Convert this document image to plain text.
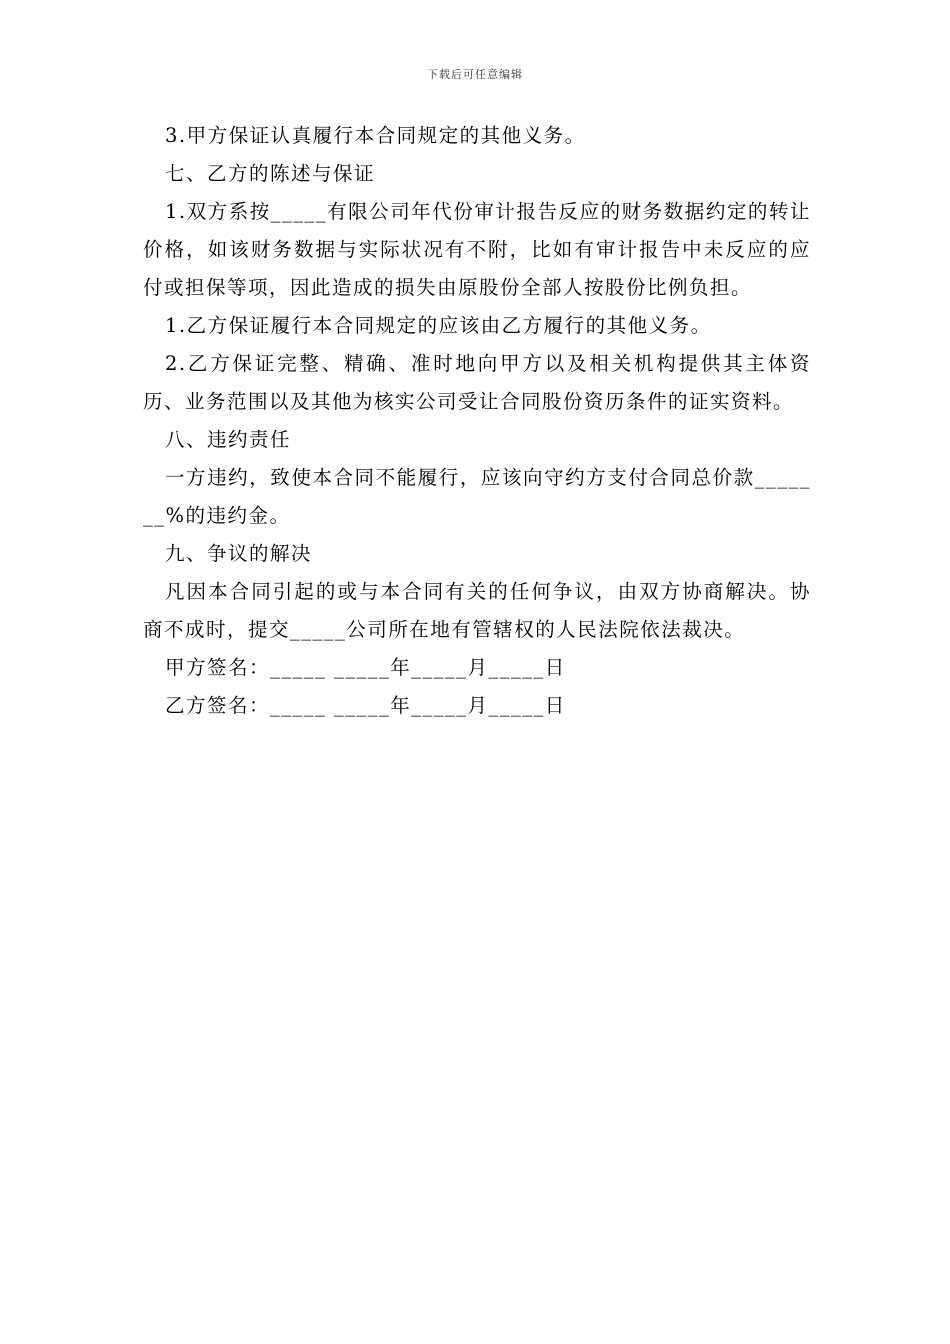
下载后可任意编辑

3.甲方保证认真履行本合同规定的其他义务。

七、乙方的陈述与保证

1.双方系按_____有限公司年代份审计报告反应的财务数据约定的转让价格，如该财务数据与实际状况有不附，比如有审计报告中未反应的应付或担保等项，因此造成的损失由原股份全部人按股份比例负担。

1.乙方保证履行本合同规定的应该由乙方履行的其他义务。

2.乙方保证完整、精确、准时地向甲方以及相关机构提供其主体资历、业务范围以及其他为核实公司受让合同股份资历条件的证实资料。

八、违约责任

一方违约，致使本合同不能履行，应该向守约方支付合同总价款_______%的违约金。

九、争议的解决

凡因本合同引起的或与本合同有关的任何争议，由双方协商解决。协商不成时，提交_____公司所在地有管辖权的人民法院依法裁决。

甲方签名：_____ _____年_____月_____日

乙方签名：_____ _____年_____月_____日
